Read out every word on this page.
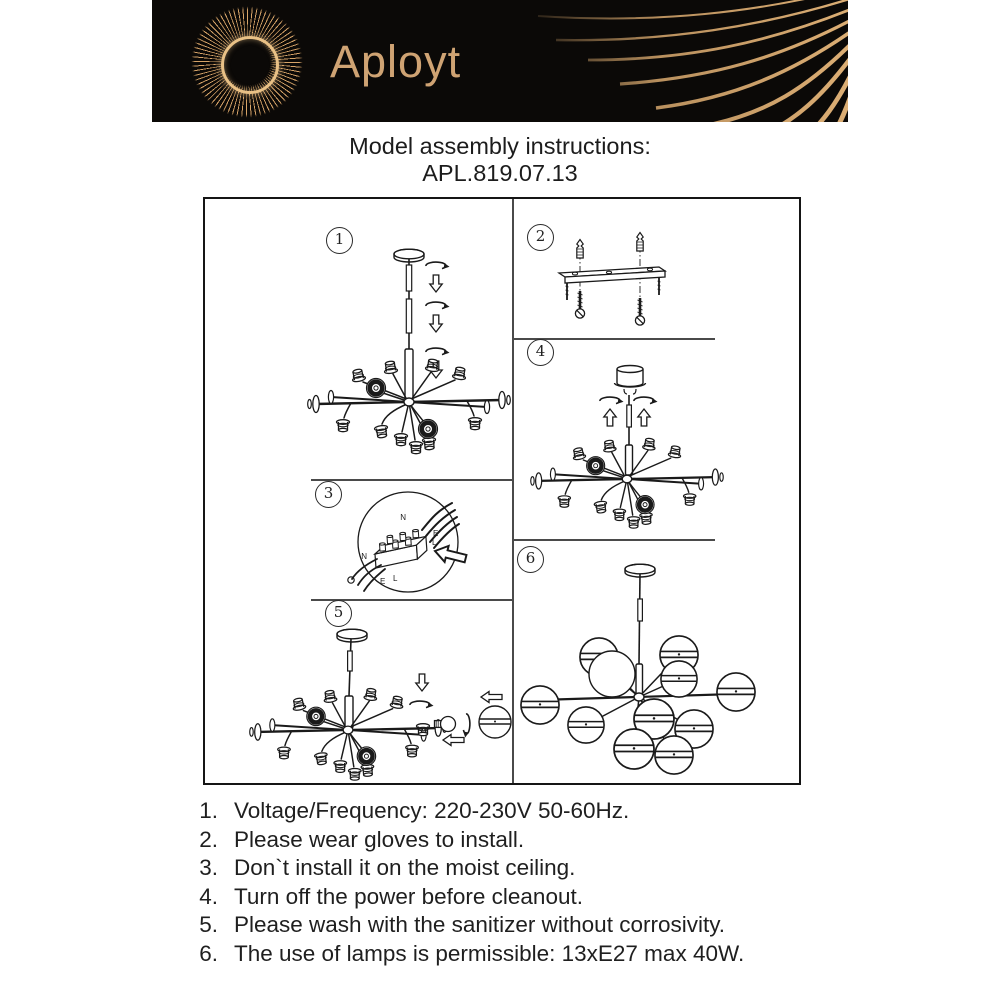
Aployt
Model assembly instructions:
APL.819.07.13
N
E
L
N
E L
1	2
3
4
5
6
1. Voltage/Frequency: 220-230V 50-60Hz.
2. Please wear gloves to install.
3. Don`t install it on the moist ceiling.
4. Turn off the power before cleanout.
5. Please wash with the sanitizer without corrosivity.
6. The use of lamps is permissible: 13xE27 max 40W.
